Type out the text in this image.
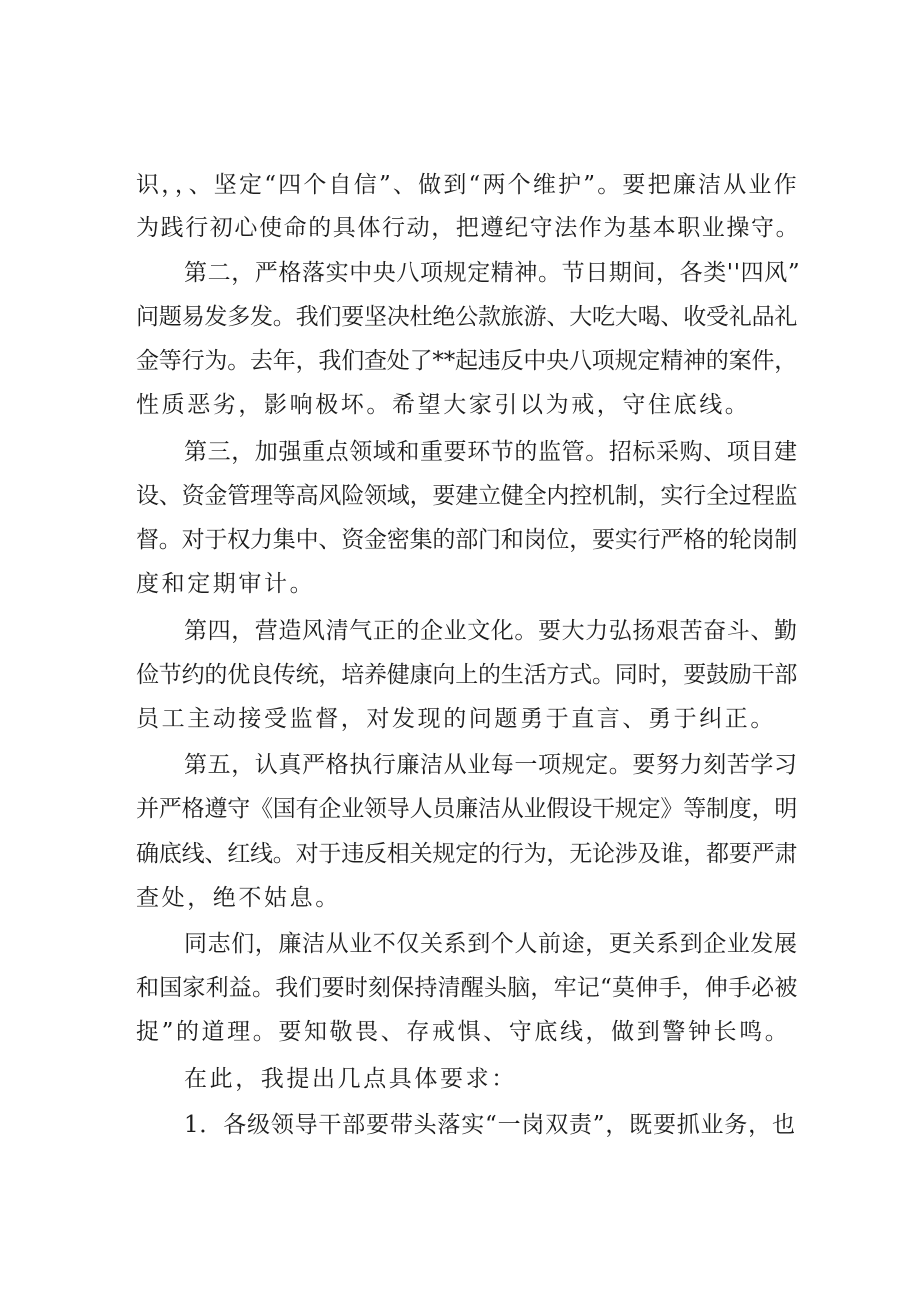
识，，、坚定“四个自信”、做到“两个维护”。要把廉洁从业作
为践行初心使命的具体行动，把遵纪守法作为基本职业操守。
第二，严格落实中央八项规定精神。节日期间，各类''四风”
问题易发多发。我们要坚决杜绝公款旅游、大吃大喝、收受礼品礼
金等行为。去年，我们查处了**起违反中央八项规定精神的案件，
性质恶劣，影响极坏。希望大家引以为戒，守住底线。
第三，加强重点领域和重要环节的监管。招标采购、项目建
设、资金管理等高风险领域，要建立健全内控机制，实行全过程监
督。对于权力集中、资金密集的部门和岗位，要实行严格的轮岗制
度和定期审计。
第四，营造风清气正的企业文化。要大力弘扬艰苦奋斗、勤
俭节约的优良传统，培养健康向上的生活方式。同时，要鼓励干部
员工主动接受监督，对发现的问题勇于直言、勇于纠正。
第五，认真严格执行廉洁从业每一项规定。要努力刻苦学习
并严格遵守《国有企业领导人员廉洁从业假设干规定》等制度，明
确底线、红线。对于违反相关规定的行为，无论涉及谁，都要严肃
查处，绝不姑息。
同志们，廉洁从业不仅关系到个人前途，更关系到企业发展
和国家利益。我们要时刻保持清醒头脑，牢记“莫伸手，伸手必被
捉”的道理。要知敬畏、存戒惧、守底线，做到警钟长鸣。
在此，我提出几点具体要求：
1．各级领导干部要带头落实“一岗双责”，既要抓业务，也
